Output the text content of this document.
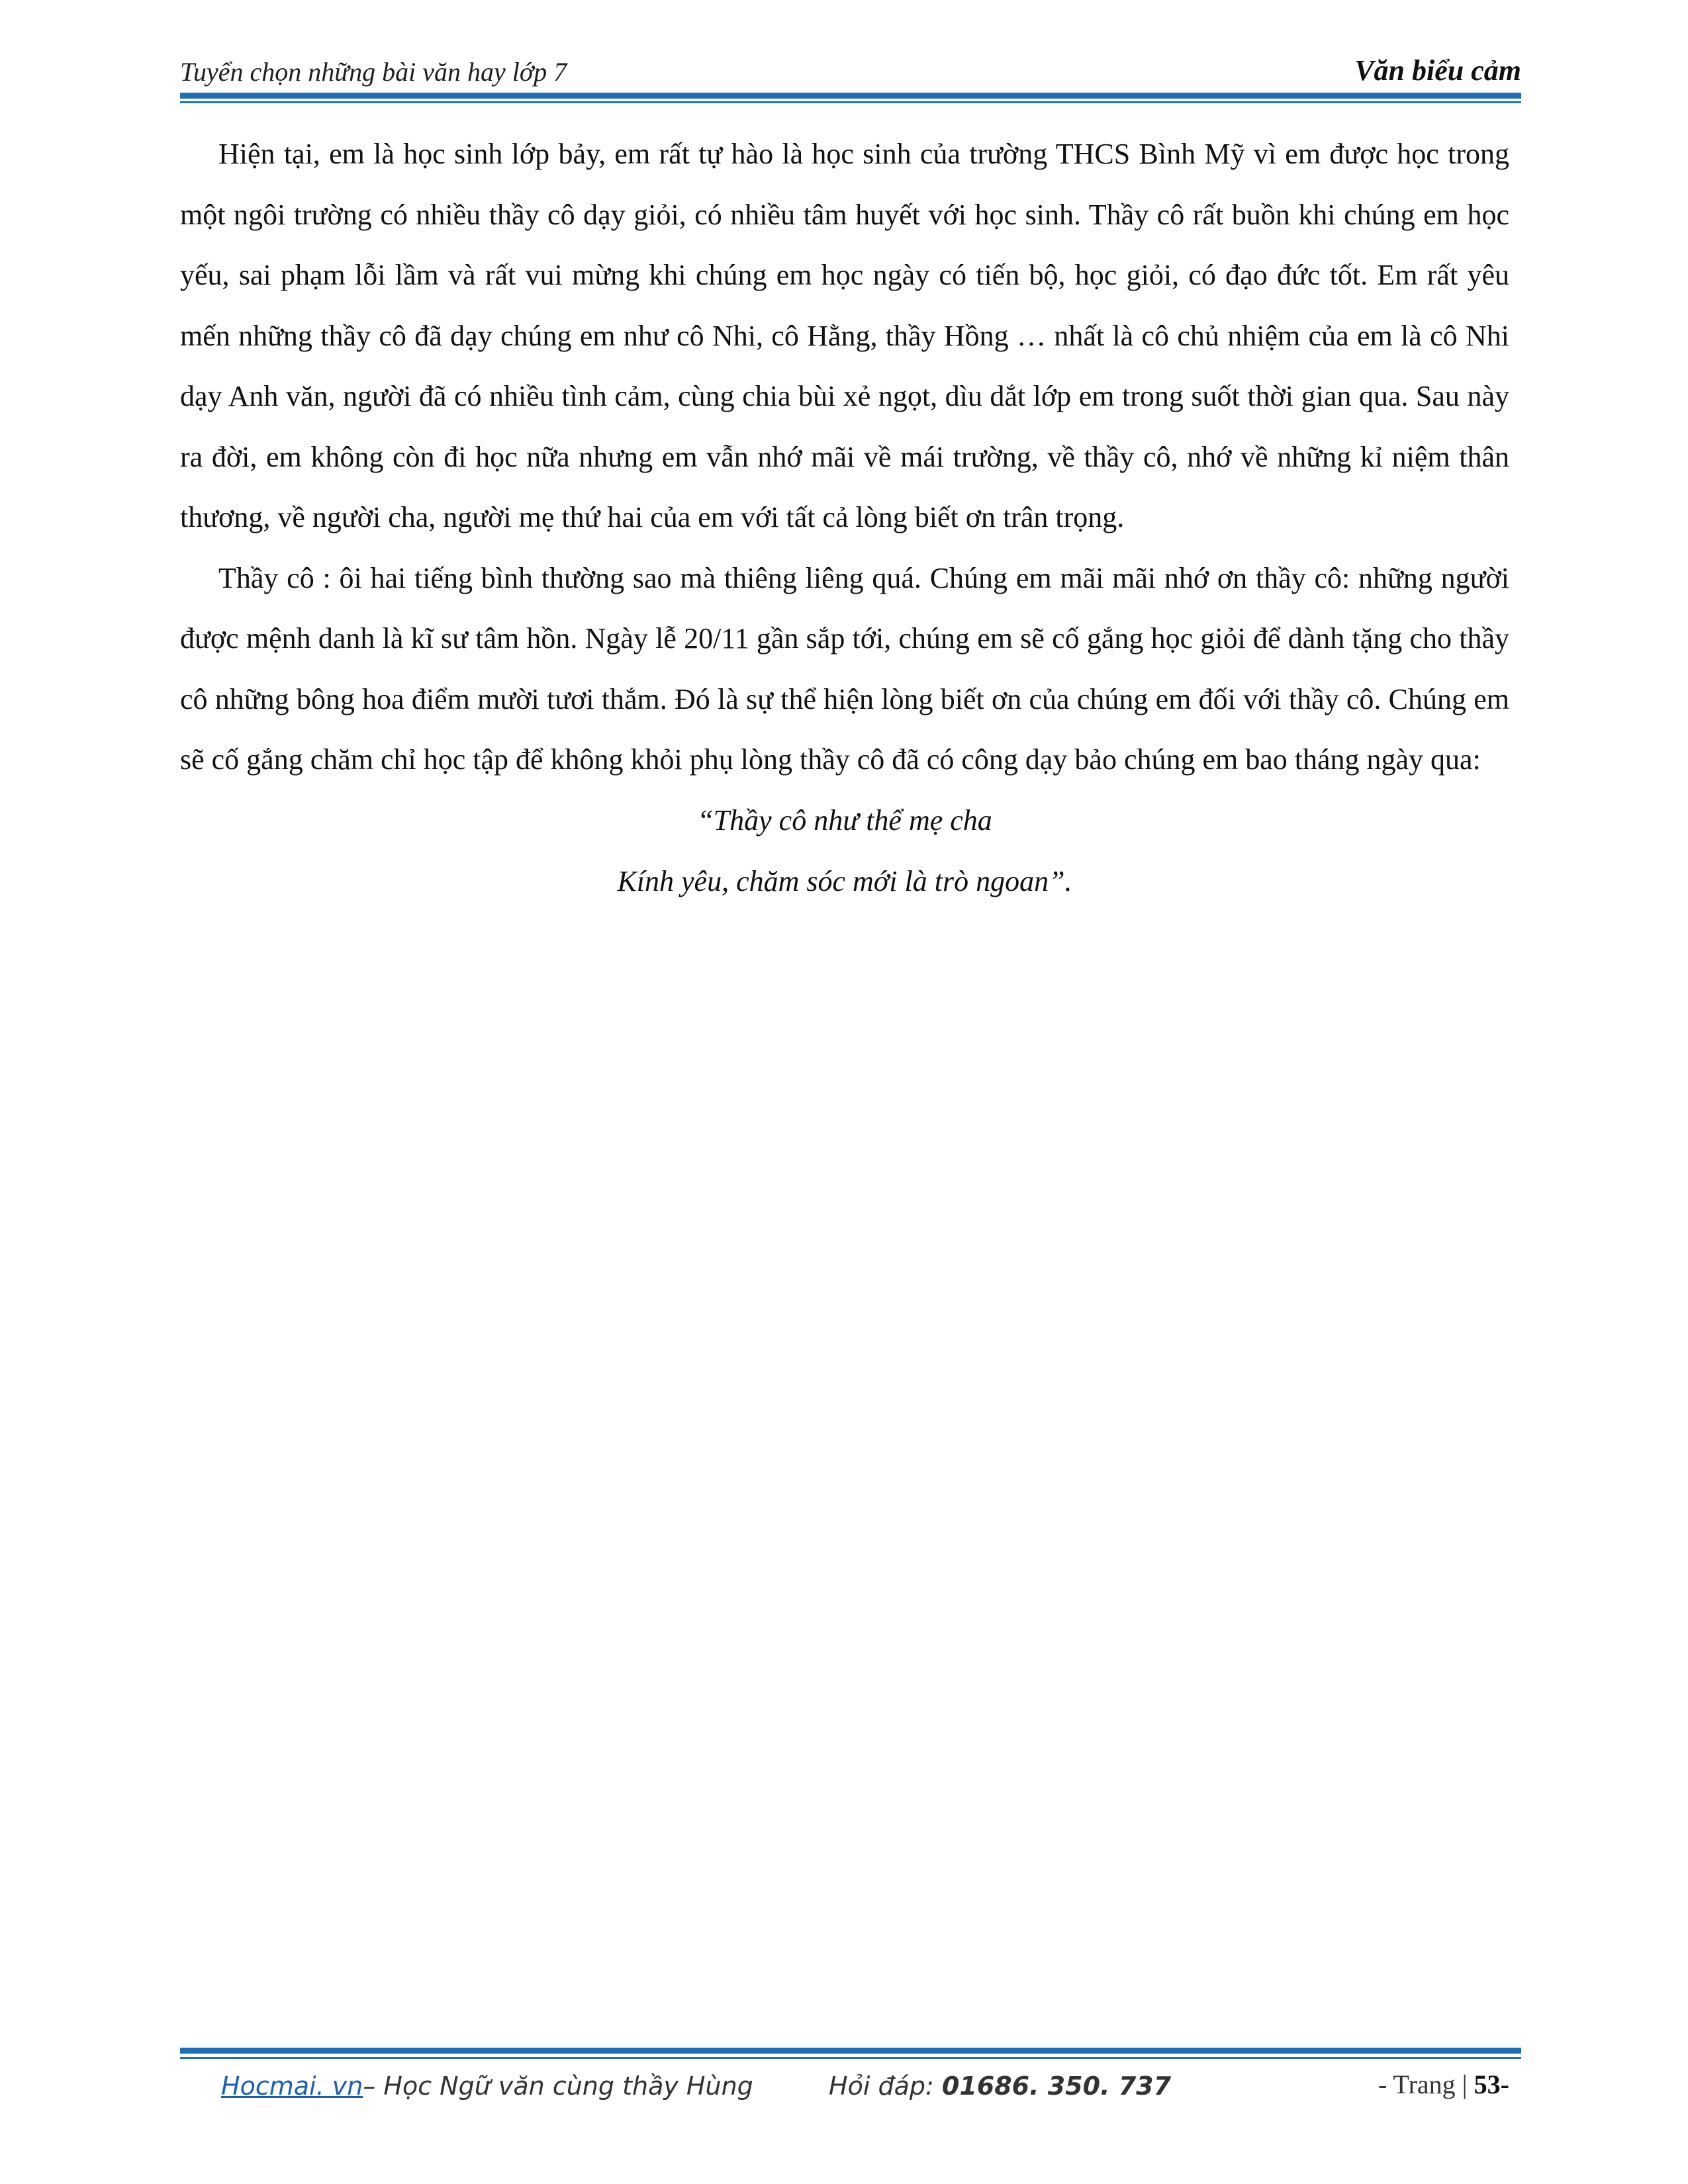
Tuyển chọn những bài văn hay lớp 7	Văn biểu cảm

Hiện tại, em là học sinh lớp bảy, em rất tự hào là học sinh của trường THCS Bình Mỹ vì em được học trong một ngôi trường có nhiều thầy cô dạy giỏi, có nhiều tâm huyết với học sinh. Thầy cô rất buồn khi chúng em học yếu, sai phạm lỗi lầm và rất vui mừng khi chúng em học ngày có tiến bộ, học giỏi, có đạo đức tốt. Em rất yêu mến những thầy cô đã dạy chúng em như cô Nhi, cô Hằng, thầy Hồng … nhất là cô chủ nhiệm của em là cô Nhi dạy Anh văn, người đã có nhiều tình cảm, cùng chia bùi xẻ ngọt, dìu dắt lớp em trong suốt thời gian qua. Sau này ra đời, em không còn đi học nữa nhưng em vẫn nhớ mãi về mái trường, về thầy cô, nhớ về những kỉ niệm thân thương, về người cha, người mẹ thứ hai của em với tất cả lòng biết ơn trân trọng.

Thầy cô : ôi hai tiếng bình thường sao mà thiêng liêng quá. Chúng em mãi mãi nhớ ơn thầy cô: những người được mệnh danh là kĩ sư tâm hồn. Ngày lễ 20/11 gần sắp tới, chúng em sẽ cố gắng học giỏi để dành tặng cho thầy cô những bông hoa điểm mười tươi thắm. Đó là sự thể hiện lòng biết ơn của chúng em đối với thầy cô. Chúng em sẽ cố gắng chăm chỉ học tập để không khỏi phụ lòng thầy cô đã có công dạy bảo chúng em bao tháng ngày qua:

“Thầy cô như thể mẹ cha

Kính yêu, chăm sóc mới là trò ngoan”.

Hocmai. vn– Học Ngữ văn cùng thầy Hùng	Hỏi đáp: 01686. 350. 737	- Trang | 53-
